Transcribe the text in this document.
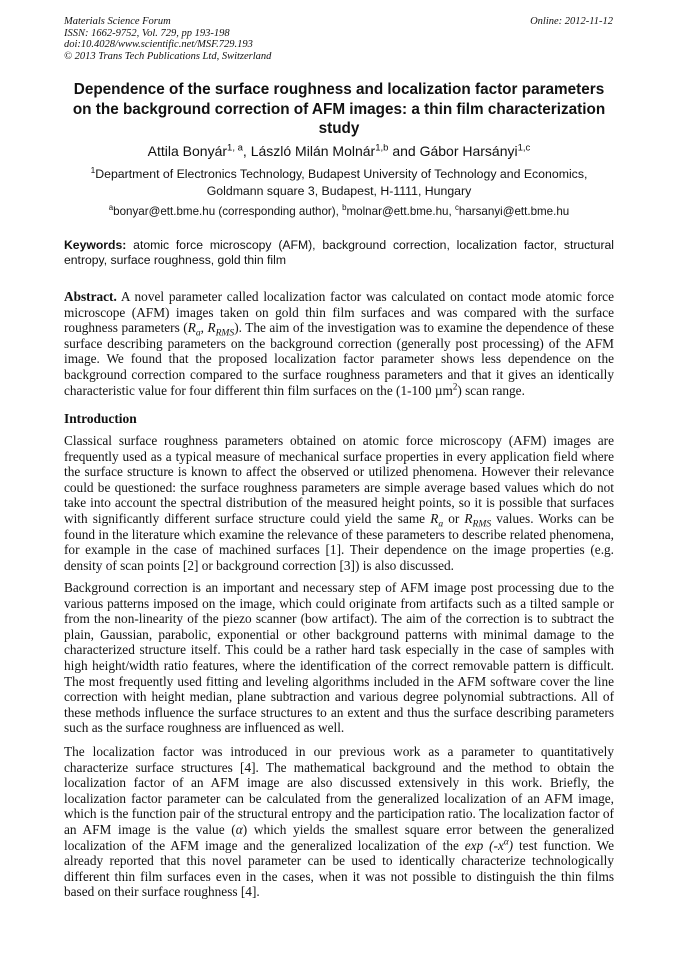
Materials Science Forum
ISSN: 1662-9752, Vol. 729, pp 193-198
doi:10.4028/www.scientific.net/MSF.729.193
© 2013 Trans Tech Publications Ltd, Switzerland
Online: 2012-11-12
Dependence of the surface roughness and localization factor parameters on the background correction of AFM images: a thin film characterization study
Attila Bonyár$^{1, a}$, László Milán Molnár$^{1,b}$ and Gábor Harsányi$^{1,c}$
$^1$Department of Electronics Technology, Budapest University of Technology and Economics,
Goldmann square 3, Budapest, H-1111, Hungary
$^a$bonyar@ett.bme.hu (corresponding author), $^b$molnar@ett.bme.hu, $^c$harsanyi@ett.bme.hu
Keywords: atomic force microscopy (AFM), background correction, localization factor, structural entropy, surface roughness, gold thin film
Abstract. A novel parameter called localization factor was calculated on contact mode atomic force microscope (AFM) images taken on gold thin film surfaces and was compared with the surface roughness parameters ($R_a$, $R_{RMS}$). The aim of the investigation was to examine the dependence of these surface describing parameters on the background correction (generally post processing) of the AFM image. We found that the proposed localization factor parameter shows less dependence on the background correction compared to the surface roughness parameters and that it gives an identically characteristic value for four different thin film surfaces on the (1-100 µm$^2$) scan range.
Introduction
Classical surface roughness parameters obtained on atomic force microscopy (AFM) images are frequently used as a typical measure of mechanical surface properties in every application field where the surface structure is known to affect the observed or utilized phenomena. However their relevance could be questioned: the surface roughness parameters are simple average based values which do not take into account the spectral distribution of the measured height points, so it is possible that surfaces with significantly different surface structure could yield the same $R_a$ or $R_{RMS}$ values. Works can be found in the literature which examine the relevance of these parameters to describe related phenomena, for example in the case of machined surfaces [1]. Their dependence on the image properties (e.g. density of scan points [2] or background correction [3]) is also discussed.
Background correction is an important and necessary step of AFM image post processing due to the various patterns imposed on the image, which could originate from artifacts such as a tilted sample or from the non-linearity of the piezo scanner (bow artifact). The aim of the correction is to subtract the plain, Gaussian, parabolic, exponential or other background patterns with minimal damage to the characterized structure itself. This could be a rather hard task especially in the case of samples with high height/width ratio features, where the identification of the correct removable pattern is difficult. The most frequently used fitting and leveling algorithms included in the AFM software cover the line correction with height median, plane subtraction and various degree polynomial subtractions. All of these methods influence the surface structures to an extent and thus the surface describing parameters such as the surface roughness are influenced as well.
The localization factor was introduced in our previous work as a parameter to quantitatively characterize surface structures [4]. The mathematical background and the method to obtain the localization factor of an AFM image are also discussed extensively in this work. Briefly, the localization factor parameter can be calculated from the generalized localization of an AFM image, which is the function pair of the structural entropy and the participation ratio. The localization factor of an AFM image is the value (α) which yields the smallest square error between the generalized localization of the AFM image and the generalized localization of the $\exp (-x^\alpha)$ test function. We already reported that this novel parameter can be used to identically characterize technologically different thin film surfaces even in the cases, when it was not possible to distinguish the thin films based on their surface roughness [4].
